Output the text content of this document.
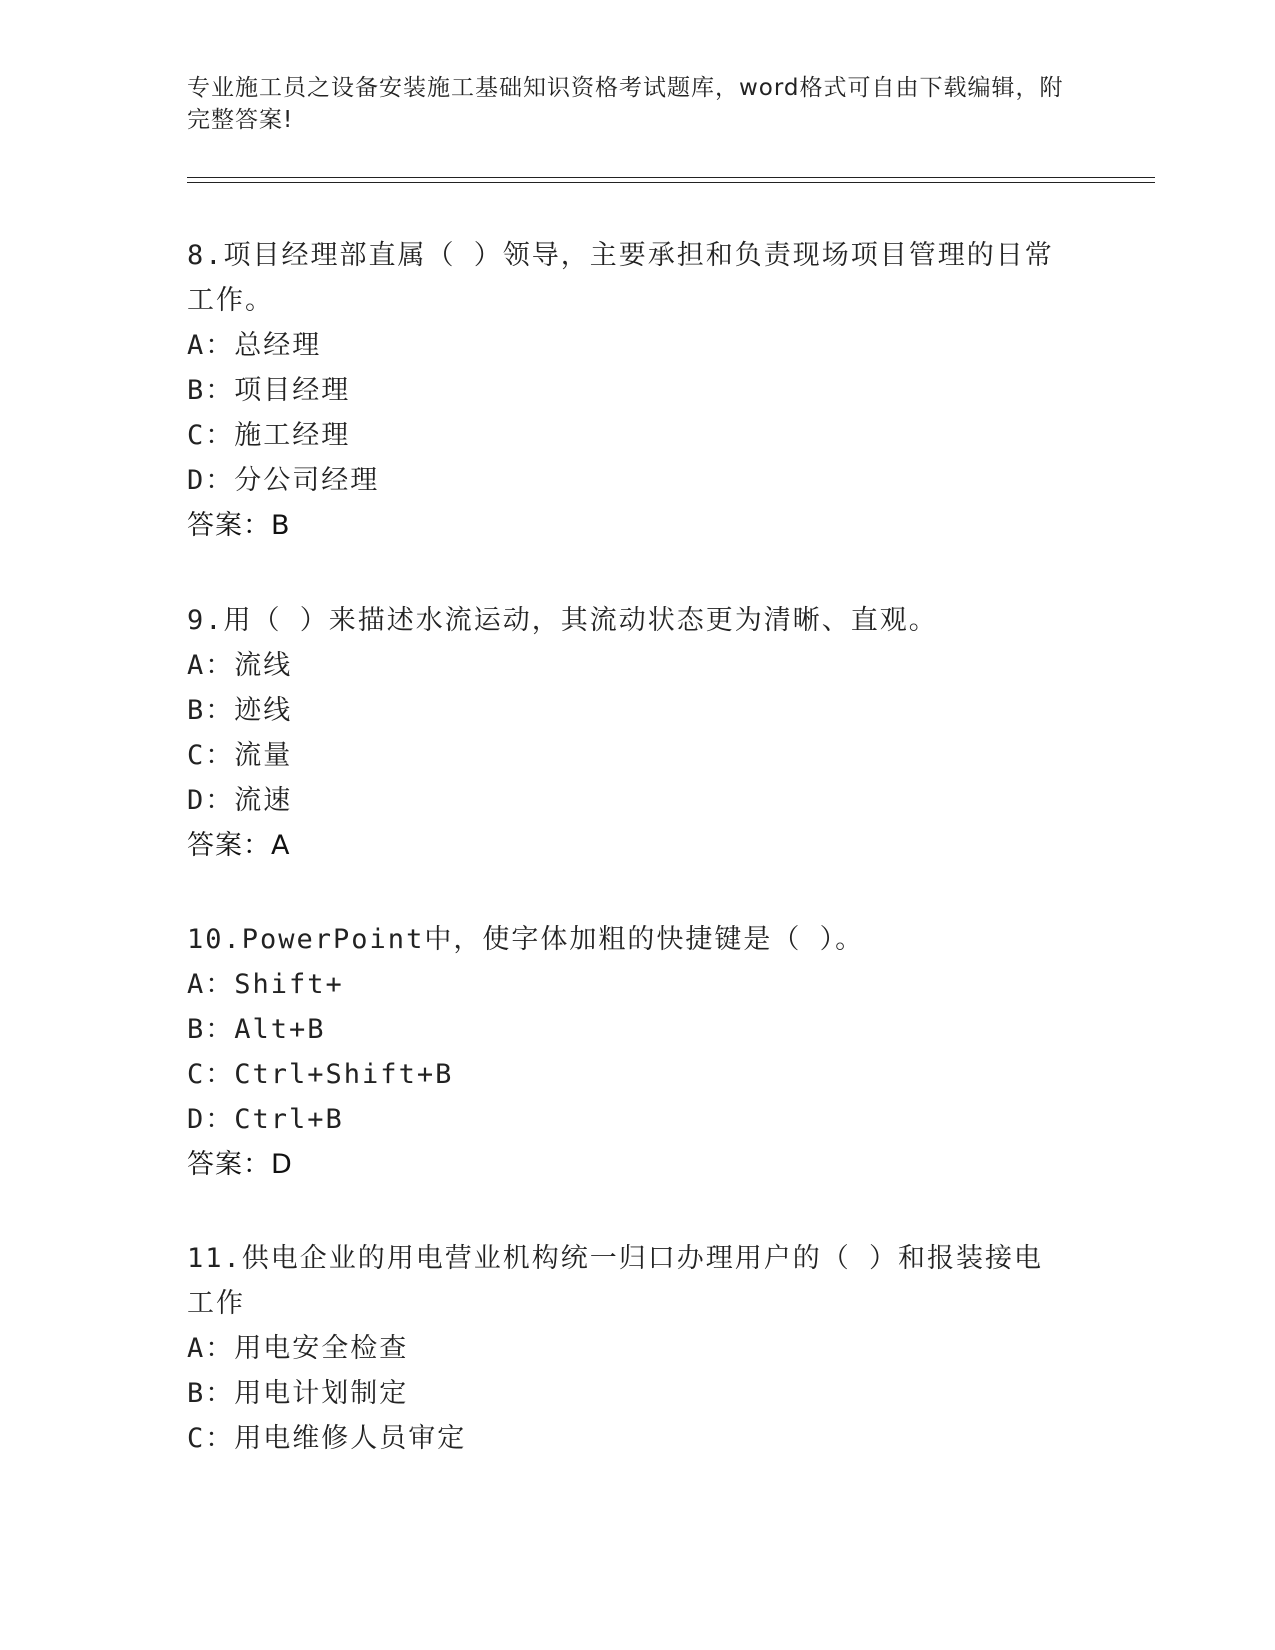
专业施工员之设备安装施工基础知识资格考试题库，word格式可自由下载编辑，附完整答案!

8.项目经理部直属（ ）领导，主要承担和负责现场项目管理的日常工作。

A：总经理

B：项目经理

C：施工经理

D：分公司经理

答案：B

9.用（ ）来描述水流运动，其流动状态更为清晰、直观。

A：流线

B：迹线

C：流量

D：流速

答案：A

10.PowerPoint中，使字体加粗的快捷键是（ ）。

A：Shift+

B：Alt+B

C：Ctrl+Shift+B

D：Ctrl+B

答案：D

11.供电企业的用电营业机构统一归口办理用户的（ ）和报装接电工作

A：用电安全检查

B：用电计划制定

C：用电维修人员审定
